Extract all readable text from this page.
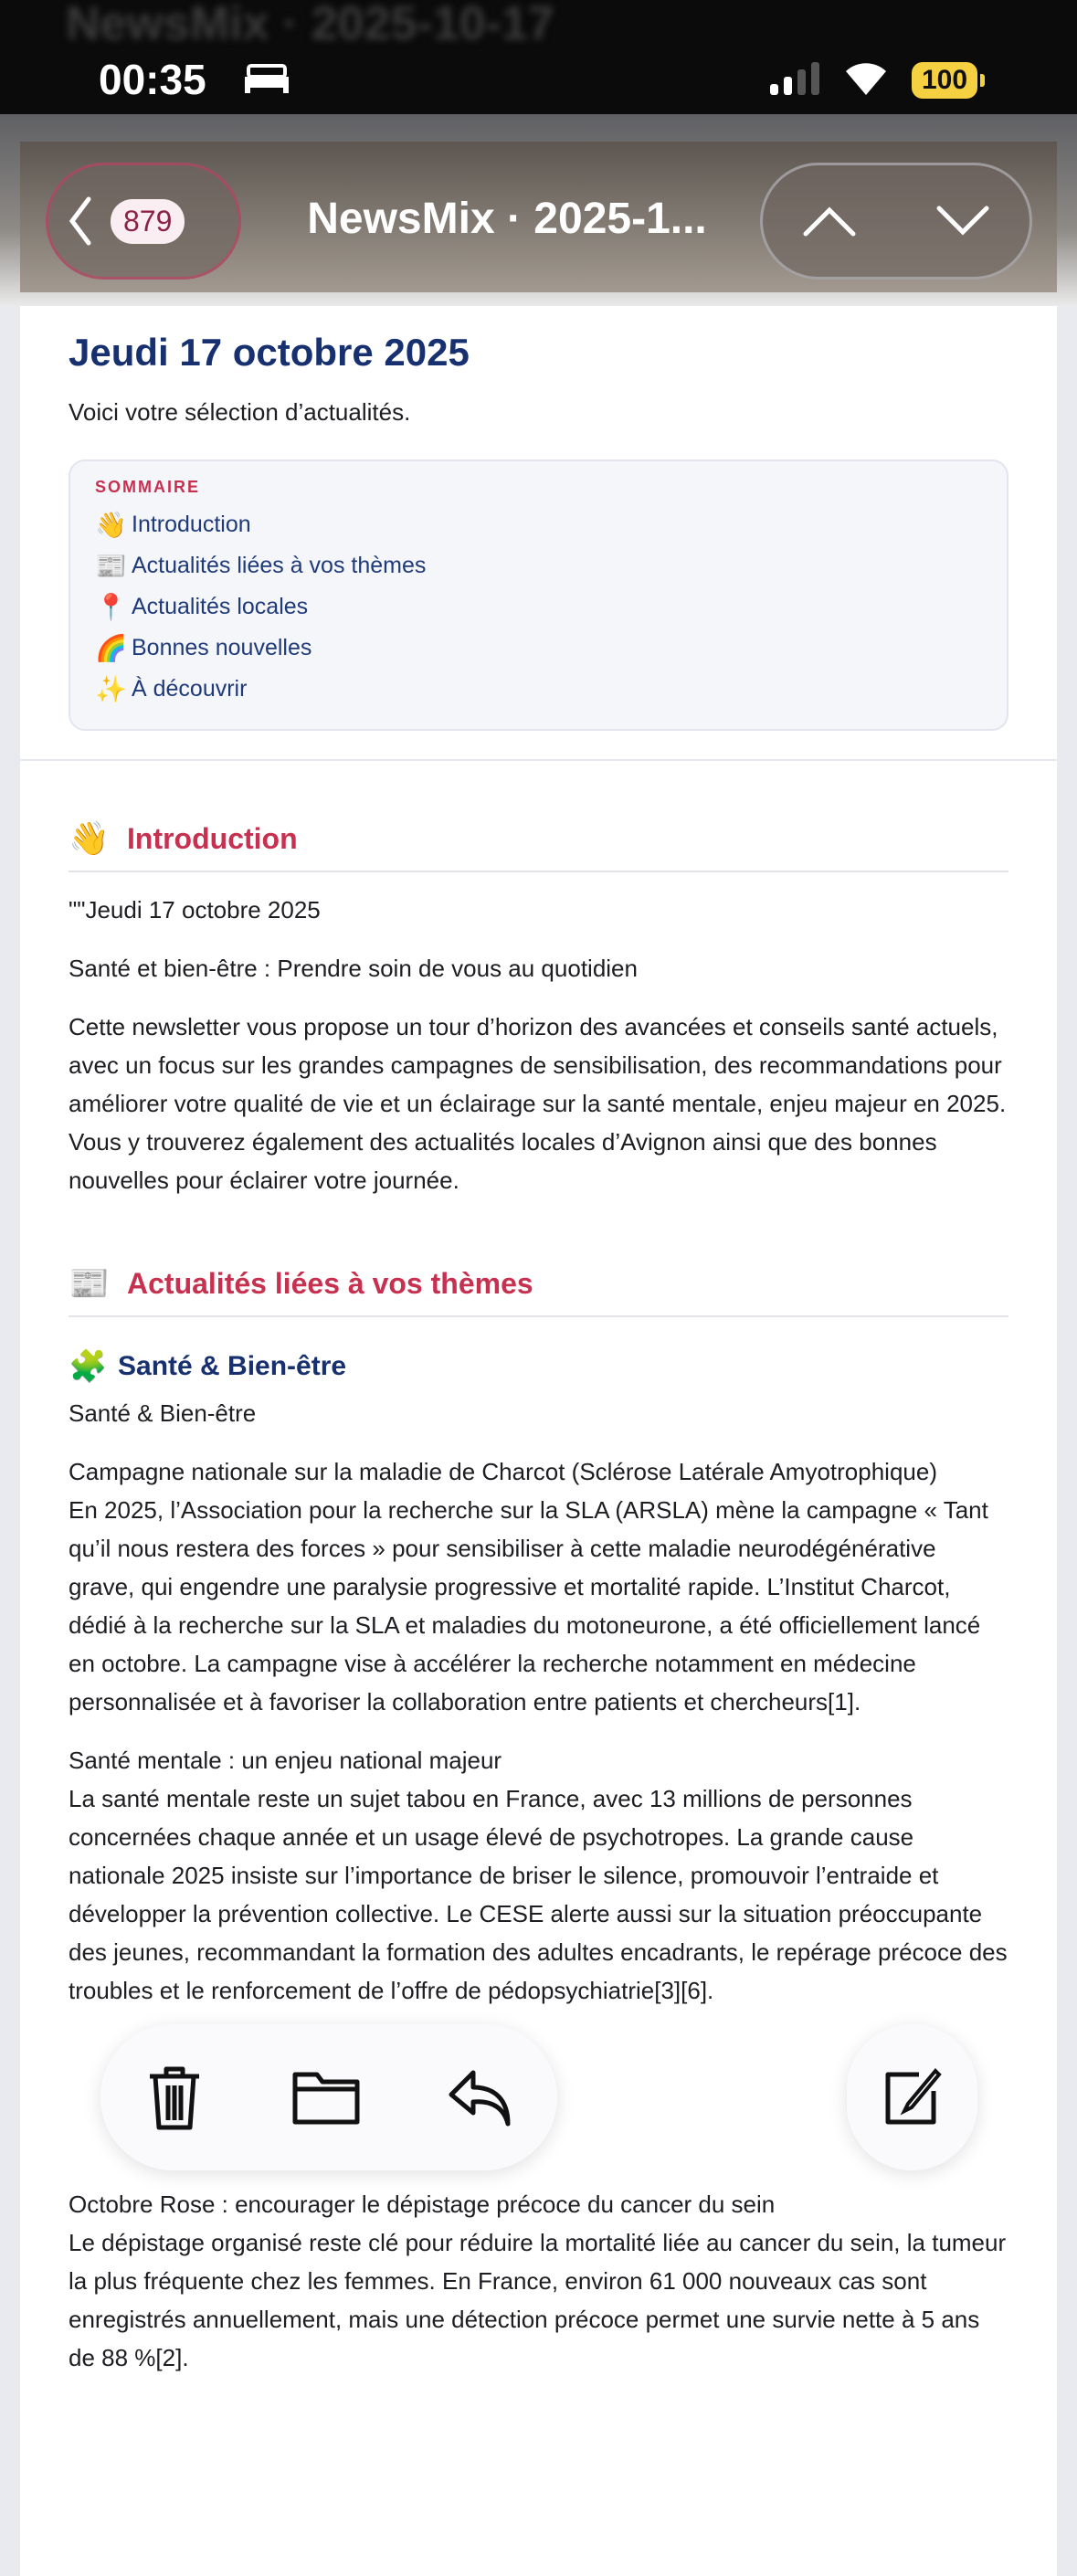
NewsMix · 2025-10-17
00:35	100
879	NewsMix · 2025-1...
Jeudi 17 octobre 2025
Voici votre sélection d’actualités.
SOMMAIRE
👋 Introduction
📰 Actualités liées à vos thèmes
📍 Actualités locales
🌈 Bonnes nouvelles
✨ À découvrir
👋 Introduction

""Jeudi 17 octobre 2025

Santé et bien-être : Prendre soin de vous au quotidien

Cette newsletter vous propose un tour d’horizon des avancées et conseils santé actuels, avec un focus sur les grandes campagnes de sensibilisation, des recommandations pour améliorer votre qualité de vie et un éclairage sur la santé mentale, enjeu majeur en 2025. Vous y trouverez également des actualités locales d’Avignon ainsi que des bonnes nouvelles pour éclairer votre journée.

📰 Actualités liées à vos thèmes
🧩 Santé & Bien-être

Santé & Bien-être

Campagne nationale sur la maladie de Charcot (Sclérose Latérale Amyotrophique)

En 2025, l’Association pour la recherche sur la SLA (ARSLA) mène la campagne « Tant qu’il nous restera des forces » pour sensibiliser à cette maladie neurodégénérative grave, qui engendre une paralysie progressive et mortalité rapide. L’Institut Charcot, dédié à la recherche sur la SLA et maladies du motoneurone, a été officiellement lancé en octobre. La campagne vise à accélérer la recherche notamment en médecine personnalisée et à favoriser la collaboration entre patients et chercheurs[1].

Santé mentale : un enjeu national majeur

La santé mentale reste un sujet tabou en France, avec 13 millions de personnes concernées chaque année et un usage élevé de psychotropes. La grande cause nationale 2025 insiste sur l’importance de briser le silence, promouvoir l’entraide et développer la prévention collective. Le CESE alerte aussi sur la situation préoccupante des jeunes, recommandant la formation des adultes encadrants, le repérage précoce des troubles et le renforcement de l’offre de pédopsychiatrie[3][6].

Octobre Rose : encourager le dépistage précoce du cancer du sein

Le dépistage organisé reste clé pour réduire la mortalité liée au cancer du sein, la tumeur la plus fréquente chez les femmes. En France, environ 61 000 nouveaux cas sont enregistrés annuellement, mais une détection précoce permet une survie nette à 5 ans de 88 %[2].
